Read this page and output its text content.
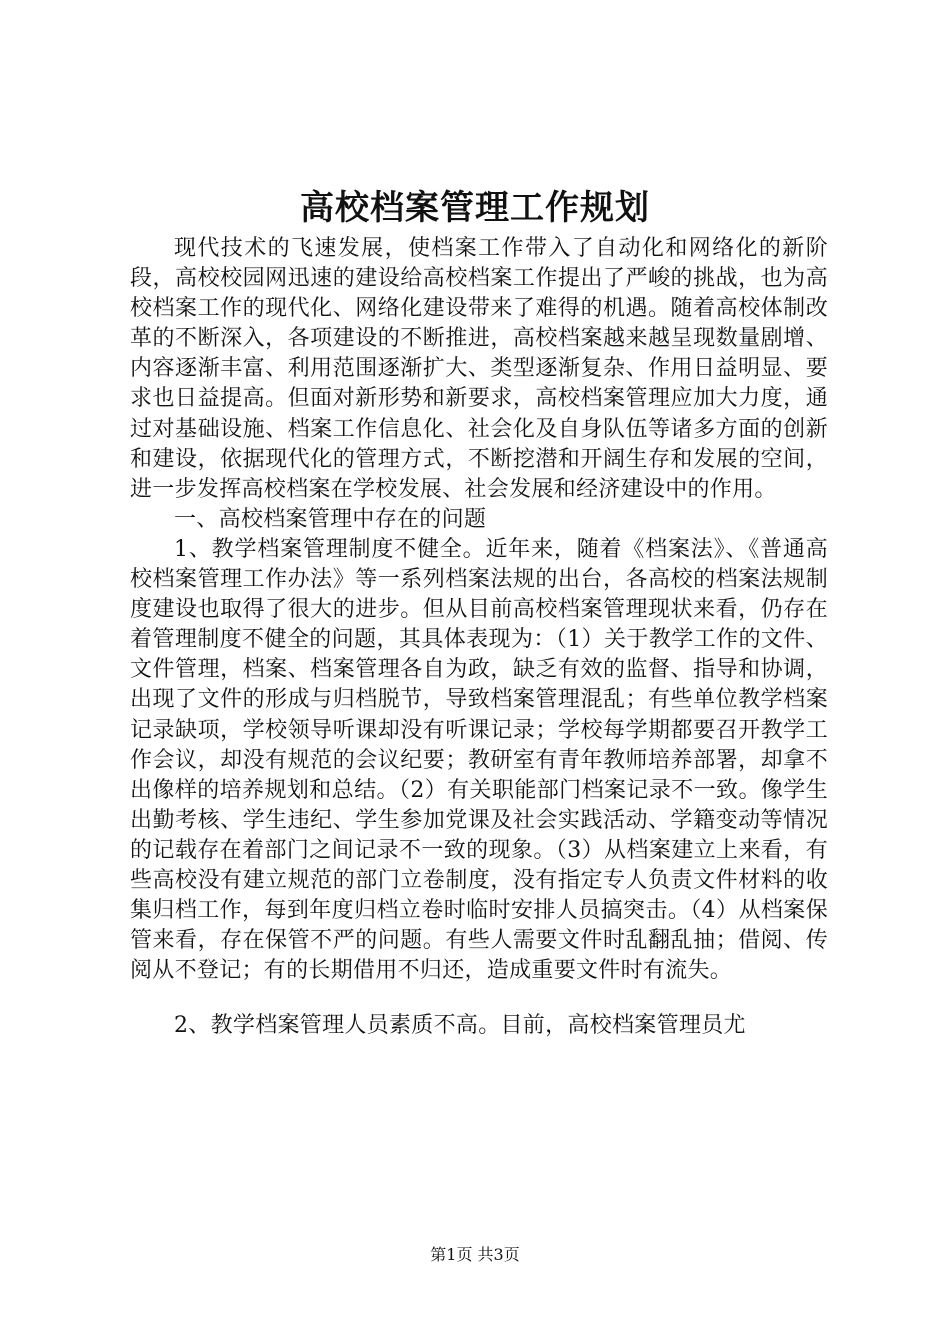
高校档案管理工作规划

现代技术的飞速发展，使档案工作带入了自动化和网络化的新阶段，高校校园网迅速的建设给高校档案工作提出了严峻的挑战，也为高校档案工作的现代化、网络化建设带来了难得的机遇。随着高校体制改革的不断深入，各项建设的不断推进，高校档案越来越呈现数量剧增、内容逐渐丰富、利用范围逐渐扩大、类型逐渐复杂、作用日益明显、要求也日益提高。但面对新形势和新要求，高校档案管理应加大力度，通过对基础设施、档案工作信息化、社会化及自身队伍等诸多方面的创新和建设，依据现代化的管理方式，不断挖潜和开阔生存和发展的空间，进一步发挥高校档案在学校发展、社会发展和经济建设中的作用。

一、高校档案管理中存在的问题

1、教学档案管理制度不健全。近年来，随着《档案法》、《普通高校档案管理工作办法》等一系列档案法规的出台，各高校的档案法规制度建设也取得了很大的进步。但从目前高校档案管理现状来看，仍存在着管理制度不健全的问题，其具体表现为：（1）关于教学工作的文件、文件管理，档案、档案管理各自为政，缺乏有效的监督、指导和协调，出现了文件的形成与归档脱节，导致档案管理混乱；有些单位教学档案记录缺项，学校领导听课却没有听课记录；学校每学期都要召开教学工作会议，却没有规范的会议纪要；教研室有青年教师培养部署，却拿不出像样的培养规划和总结。（2）有关职能部门档案记录不一致。像学生出勤考核、学生违纪、学生参加党课及社会实践活动、学籍变动等情况的记载存在着部门之间记录不一致的现象。（3）从档案建立上来看，有些高校没有建立规范的部门立卷制度，没有指定专人负责文件材料的收集归档工作，每到年度归档立卷时临时安排人员搞突击。（4）从档案保管来看，存在保管不严的问题。有些人需要文件时乱翻乱抽；借阅、传阅从不登记；有的长期借用不归还，造成重要文件时有流失。

2、教学档案管理人员素质不高。目前，高校档案管理员尤

第1页 共3页
